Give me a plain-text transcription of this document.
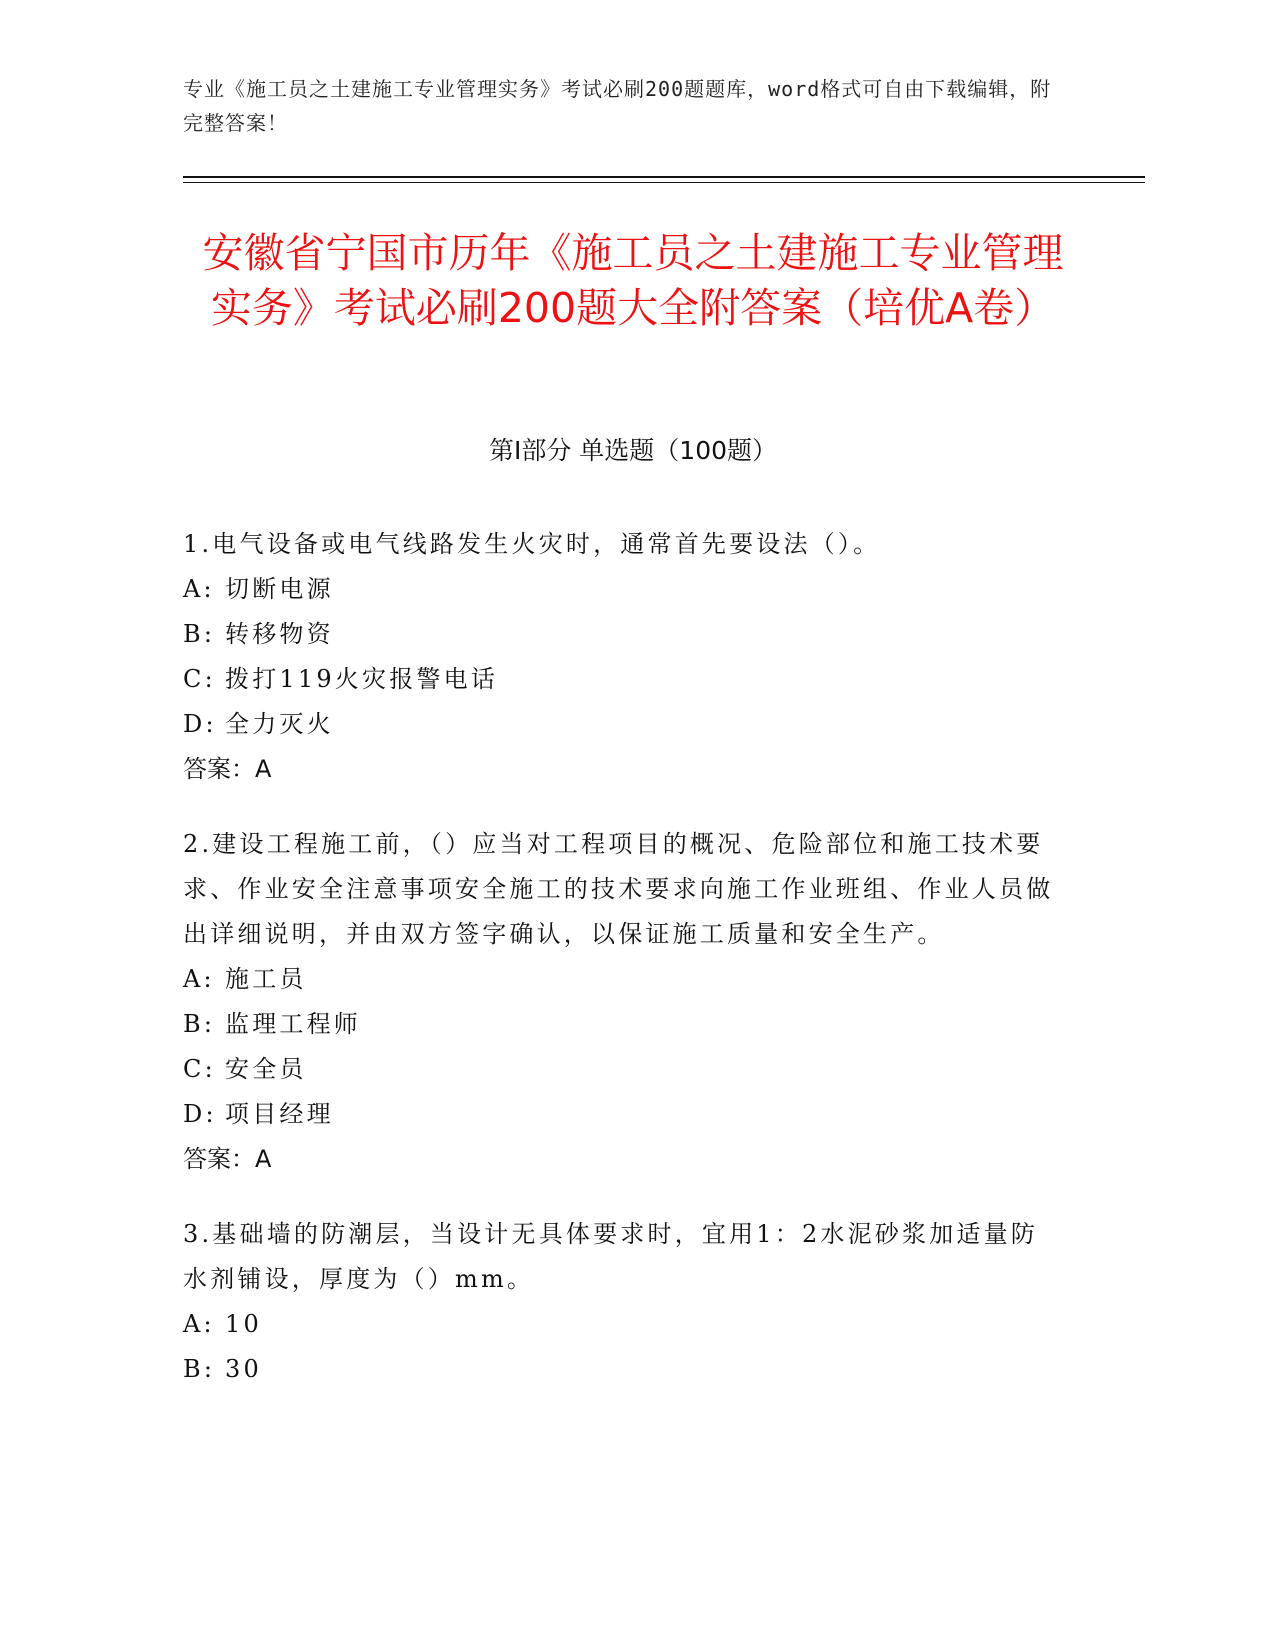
专业《施工员之土建施工专业管理实务》考试必刷200题题库，word格式可自由下载编辑，附完整答案！
安徽省宁国市历年《施工员之土建施工专业管理实务》考试必刷200题大全附答案（培优A卷）
第I部分 单选题（100题）

1.电气设备或电气线路发生火灾时，通常首先要设法（）。

A: 切断电源

B: 转移物资

C: 拨打119火灾报警电话

D: 全力灭火

答案：A

2.建设工程施工前，（）应当对工程项目的概况、危险部位和施工技术要求、作业安全注意事项安全施工的技术要求向施工作业班组、作业人员做出详细说明，并由双方签字确认，以保证施工质量和安全生产。

A: 施工员

B: 监理工程师

C: 安全员

D: 项目经理

答案：A

3.基础墙的防潮层，当设计无具体要求时，宜用1：2水泥砂浆加适量防水剂铺设，厚度为（）mm。

A: 10

B: 30
